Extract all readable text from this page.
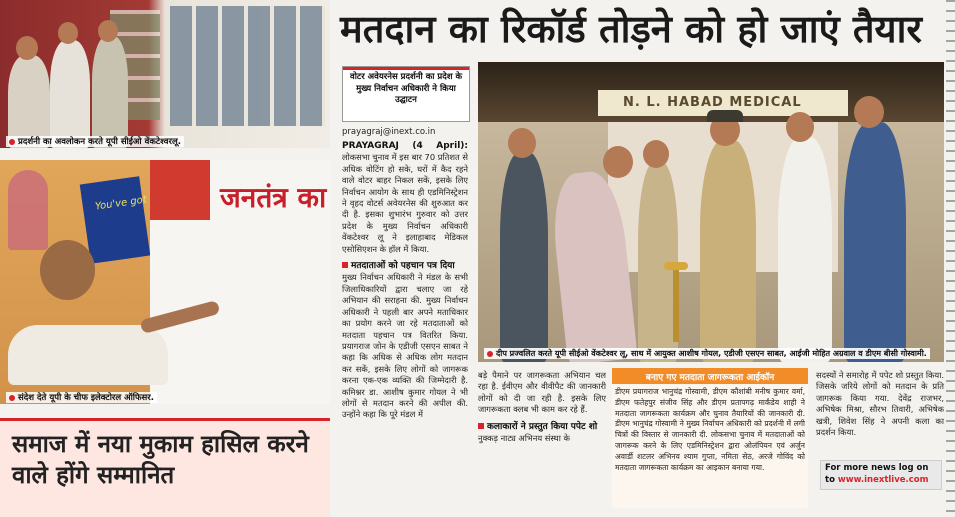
प्रदर्शनी का अवलोकन करते यूपी सीईओ वेंकटेश्वरलू.
You've got	जनतंत्र का
संदेश देते यूपी के चीफ इलेक्टोरल ऑफिसर.
समाज में नया मुकाम हासिल करने वाले होंगे सम्मानित
मतदान का रिकॉर्ड तोड़ने को हो जाएं तैयार
वोटर अवेयरनेस प्रदर्शनी का प्रदेश के मुख्य निर्वाचन अधिकारी ने किया उद्घाटन
prayagraj@inext.co.in
PRAYAGRAJ (4 April): लोकसभा चुनाव में इस बार 70 प्रतिशत से अधिक वोटिंग हो सके, घरों में कैद रहने वाले वोटर बाहर निकल सकें, इसके लिए निर्वाचन आयोग के साथ ही एडमिनिस्ट्रेशन ने वृहद वोटर्स अवेयरनेस की शुरुआत कर दी है. इसका शुभारंभ गुरुवार को उत्तर प्रदेश के मुख्य निर्वाचन अधिकारी वेंकटेश्वर लू ने इलाहाबाद मेडिकल एसोसिएशन के हॉल में किया.
मतदाताओं को पहचान पत्र दिया
मुख्य निर्वाचन अधिकारी ने मंडल के सभी जिलाधिकारियों द्वारा चलाए जा रहे अभियान की सराहना की. मुख्य निर्वाचन अधिकारी ने पहली बार अपने मताधिकार का प्रयोग करने जा रहे मतदाताओं को मतदाता पहचान पत्र वितरित किया. प्रयागराज जोन के एडीजी एसएन साबत ने कहा कि अधिक से अधिक लोग मतदान कर सकें, इसके लिए लोगों को जागरूक करना एक-एक व्यक्ति की जिम्मेदारी है. कमिश्नर डा. आशीष कुमार गोयल ने भी लोगों से मतदान करने की अपील की. उन्होंने कहा कि पूरे मंडल में
N. L. HABAD MEDICAL
दीप प्रज्वलित करते यूपी सीईओ वेंकटेश्वर लू, साथ में आयुक्त आशीष गोयल, एडीजी एसएन साबत, आईजी मोहित अग्रवाल व डीएम बीसी गोस्वामी.
बड़े पैमाने पर जागरूकता अभियान चल रहा है. ईवीएम और वीवीपैट की जानकारी लोगों को दी जा रही है. इसके लिए जागरूकता क्लब भी काम कर रहे हैं.
कलाकारों ने प्रस्तुत किया पपेट शो
नुक्कड़ नाट्य अभिनय संस्था के
बनाए गए मतदाता जागरूकता आईकॉन
डीएम प्रयागराज भानुचंद्र गोस्वामी, डीएम कौशांबी मनीष कुमार वर्मा, डीएम फतेहपुर संजीव सिंह और डीएम प्रतापगढ़ मार्कंडेय शाही ने मतदाता जागरूकता कार्यक्रम और चुनाव तैयारियों की जानकारी दी. डीएम भानुचंद्र गोस्वामी ने मुख्य निर्वाचन अधिकारी को प्रदर्शनी में लगी चित्रों की विस्तार से जानकारी दी. लोकसभा चुनाव में मतदाताओं को जागरूक करने के लिए एडमिनिस्ट्रेशन द्वारा ओलंपियन एवं अर्जुन अवार्डी शटलर अभिनव श्याम गुप्ता, नमिता सेठ, अरजे गोविंद को मतदाता जागरूकता कार्यक्रम का आइकान बनाया गया.
सदस्यों ने समारोह में पपेट शो प्रस्तुत किया. जिसके जरिये लोगों को मतदान के प्रति जागरूक किया गया. देवेंद्र राजभर, अभिषेक मिश्रा, सौरभ तिवारी, अभिषेक खत्री, शिवेश सिंह ने अपनी कला का प्रदर्शन किया.
For more news log on
to www.inextlive.com
